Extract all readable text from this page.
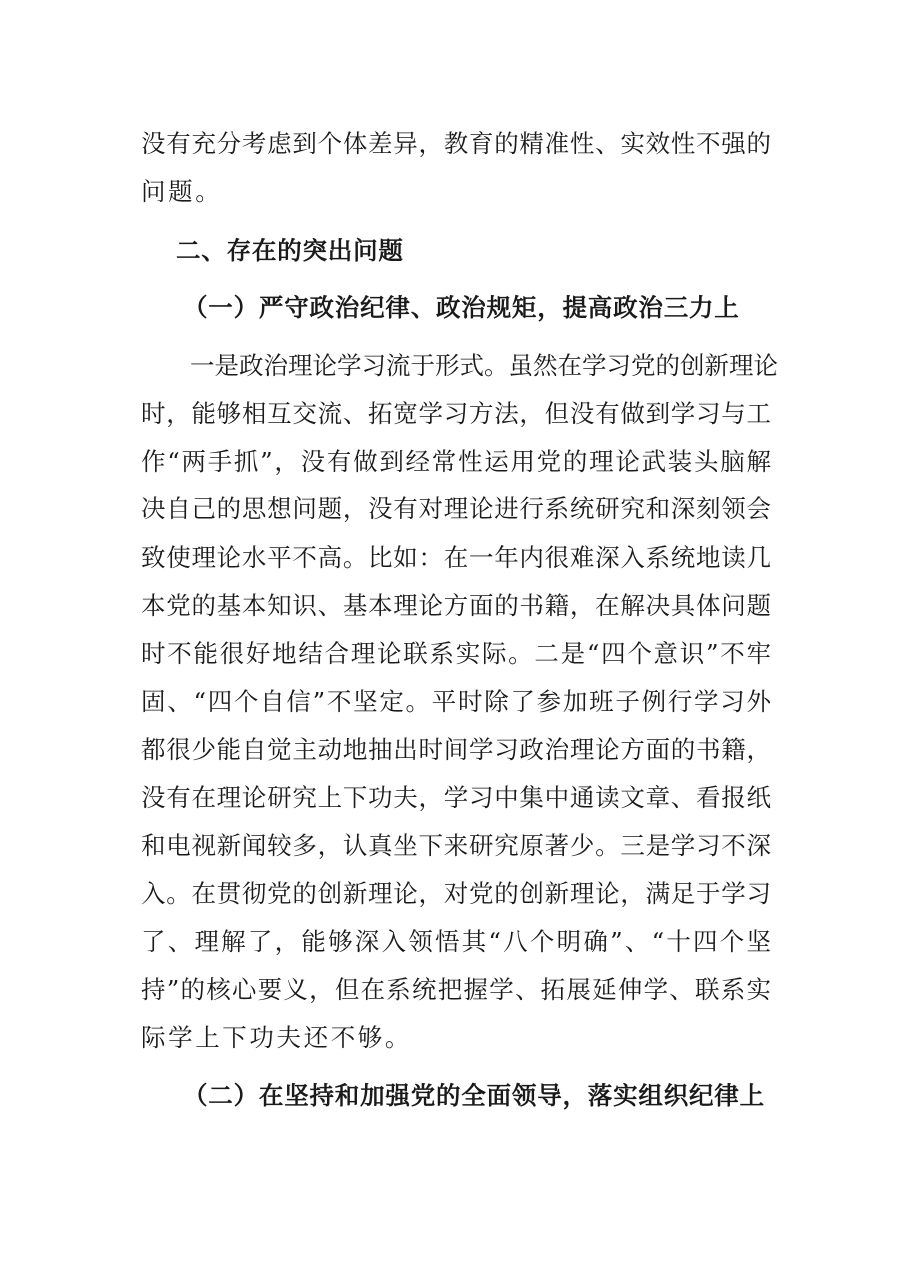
没有充分考虑到个体差异，教育的精准性、实效性不强的
问题。
二、存在的突出问题
（一）严守政治纪律、政治规矩，提高政治三力上
一是政治理论学习流于形式。虽然在学习党的创新理论
时，能够相互交流、拓宽学习方法，但没有做到学习与工
作“两手抓”，没有做到经常性运用党的理论武装头脑解
决自己的思想问题，没有对理论进行系统研究和深刻领会
致使理论水平不高。比如：在一年内很难深入系统地读几
本党的基本知识、基本理论方面的书籍，在解决具体问题
时不能很好地结合理论联系实际。二是“四个意识”不牢
固、“四个自信”不坚定。平时除了参加班子例行学习外
都很少能自觉主动地抽出时间学习政治理论方面的书籍，
没有在理论研究上下功夫，学习中集中通读文章、看报纸
和电视新闻较多，认真坐下来研究原著少。三是学习不深
入。在贯彻党的创新理论，对党的创新理论，满足于学习
了、理解了，能够深入领悟其“八个明确”、“十四个坚
持”的核心要义，但在系统把握学、拓展延伸学、联系实
际学上下功夫还不够。
（二）在坚持和加强党的全面领导，落实组织纪律上
